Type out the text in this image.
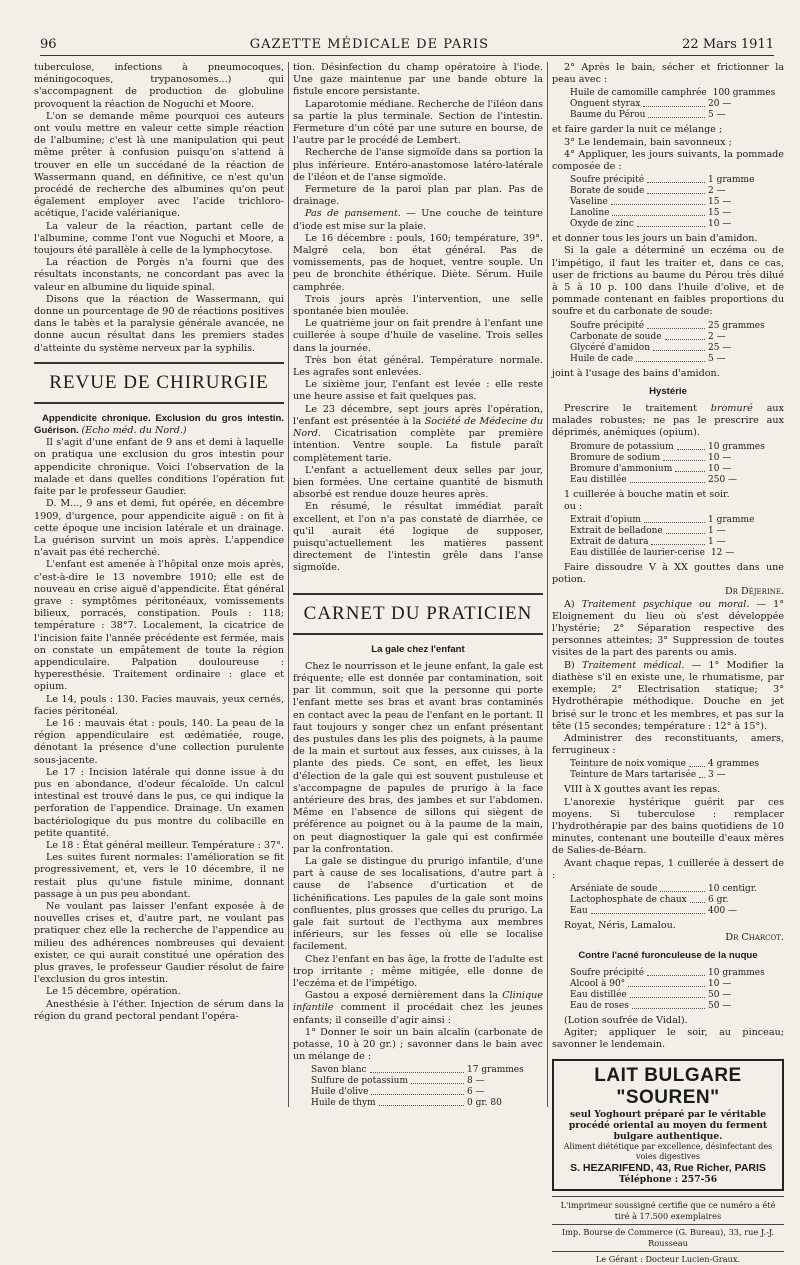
96	GAZETTE MÉDICALE DE PARIS	22 Mars 1911

tuberculose, infections à pneumocoques, méningocoques, trypanosomes...) qui s'accompagnent de production de globuline provoquent la réaction de Noguchi et Moore.

L'on se demande même pourquoi ces auteurs ont voulu mettre en valeur cette simple réaction de l'albumine; c'est là une manipulation qui peut même prêter à confusion puisqu'on s'attend à trouver en elle un succédané de la réaction de Wassermann quand, en définitive, ce n'est qu'un procédé de recherche des albumines qu'on peut également employer avec l'acide trichloro-acétique, l'acide valérianique.

La valeur de la réaction, partant celle de l'albumine, comme l'ont vue Noguchi et Moore, a toujours été parallèle à celle de la lymphocytose.

La réaction de Porgès n'a fourni que des résultats inconstants, ne concordant pas avec la valeur en albumine du liquide spinal.

Disons que la réaction de Wassermann, qui donne un pourcentage de 90 de réactions positives dans le tabès et la paralysie générale avancée, ne donne aucun résultat dans les premiers stades d'atteinte du système nerveux par la syphilis.

REVUE DE CHIRURGIE

Appendicite chronique. Exclusion du gros intestin. Guérison. (Echo méd. du Nord.)

Il s'agit d'une enfant de 9 ans et demi à laquelle on pratiqua une exclusion du gros intestin pour appendicite chronique. Voici l'observation de la malade et dans quelles conditions l'opération fut faite par le professeur Gaudier.

D. M..., 9 ans et demi, fut opérée, en décembre 1909, d'urgence, pour appendicite aiguë : on fit à cette époque une incision latérale et un drainage. La guérison survint un mois après. L'appendice n'avait pas été recherché.

L'enfant est amenée à l'hôpital onze mois après, c'est-à-dire le 13 novembre 1910; elle est de nouveau en crise aiguë d'appendicite. État général grave : symptômes péritonéaux, vomissements bilieux, porracés, constipation. Pouls : 118; température : 38°7. Localement, la cicatrice de l'incision faite l'année précédente est fermée, mais on constate un empâtement de toute la région appendiculaire. Palpation douloureuse : hyperesthésie. Traitement ordinaire : glace et opium.

Le 14, pouls : 130. Facies mauvais, yeux cernés, facies péritonéal.

Le 16 : mauvais état : pouls, 140. La peau de la région appendiculaire est œdématiée, rouge, dénotant la présence d'une collection purulente sous-jacente.

Le 17 : Incision latérale qui donne issue à du pus en abondance, d'odeur fécaloïde. Un calcul intestinal est trouvé dans le pus, ce qui indique la perforation de l'appendice. Drainage. Un examen bactériologique du pus montre du colibacille en petite quantité.

Le 18 : État général meilleur. Température : 37°.

Les suites furent normales: l'amélioration se fit progressivement, et, vers le 10 décembre, il ne restait plus qu'une fistule minime, donnant passage à un pus peu abondant.

Ne voulant pas laisser l'enfant exposée à de nouvelles crises et, d'autre part, ne voulant pas pratiquer chez elle la recherche de l'appendice au milieu des adhérences nombreuses qui devaient exister, ce qui aurait constitué une opération des plus graves, le professeur Gaudier résolut de faire l'exclusion du gros intestin.

Le 15 décembre, opération.

Anesthésie à l'éther. Injection de sérum dans la région du grand pectoral pendant l'opéra-

tion. Désinfection du champ opératoire à l'iode. Une gaze maintenue par une bande obture la fistule encore persistante.

Laparotomie médiane. Recherche de l'iléon dans sa partie la plus terminale. Section de l'intestin. Fermeture d'un côté par une suture en bourse, de l'autre par le procédé de Lembert.

Recherche de l'anse sigmoïde dans sa portion la plus inférieure. Entéro-anastomose latéro-latérale de l'iléon et de l'anse sigmoïde.

Fermeture de la paroi plan par plan. Pas de drainage.

Pas de pansement. — Une couche de teinture d'iode est mise sur la plaie.

Le 16 décembre : pouls, 160; température, 39°. Malgré cela, bon état général. Pas de vomissements, pas de hoquet, ventre souple. Un peu de bronchite éthérique. Diète. Sérum. Huile camphrée.

Trois jours après l'intervention, une selle spontanée bien moulée.

Le quatrième jour on fait prendre à l'enfant une cuillerée à soupe d'huile de vaseline. Trois selles dans la journée.

Très bon état général. Température normale. Les agrafes sont enlevées.

Le sixième jour, l'enfant est levée : elle reste une heure assise et fait quelques pas.

Le 23 décembre, sept jours après l'opération, l'enfant est présentée à la Société de Médecine du Nord. Cicatrisation complète par première intention. Ventre souple. La fistule paraît complètement tarie.

L'enfant a actuellement deux selles par jour, bien formées. Une certaine quantité de bismuth absorbé est rendue douze heures après.

En résumé, le résultat immédiat paraît excellent, et l'on n'a pas constaté de diarrhée, ce qu'il aurait été logique de supposer, puisqu'actuellement les matières passent directement de l'intestin grêle dans l'anse sigmoïde.

CARNET DU PRATICIEN
La gale chez l'enfant

Chez le nourrisson et le jeune enfant, la gale est fréquente; elle est donnée par contamination, soit par lit commun, soit que la personne qui porte l'enfant mette ses bras et avant bras contaminés en contact avec la peau de l'enfant en le portant. Il faut toujours y songer chez un enfant présentant des pustules dans les plis des poignets, à la paume de la main et surtout aux fesses, aux cuisses, à la plante des pieds. Ce sont, en effet, les lieux d'élection de la gale qui est souvent pustuleuse et s'accompagne de papules de prurigo à la face antérieure des bras, des jambes et sur l'abdomen. Même en l'absence de sillons qui siègent de préférence au poignet ou à la paume de la main, on peut diagnostiquer la gale qui est confirmée par la confrontation.

La gale se distingue du prurigo infantile, d'une part à cause de ses localisations, d'autre part à cause de l'absence d'urtication et de lichénifications. Les papules de la gale sont moins confluentes, plus grosses que celles du prurigo. La gale fait surtout de l'ecthyma aux membres inférieurs, sur les fesses où elle se localise facilement.

Chez l'enfant en bas âge, la frotte de l'adulte est trop irritante ; même mitigée, elle donne de l'eczéma et de l'impétigo.

Gastou a exposé dernièrement dans la Clinique infantile comment il procédait chez les jeunes enfants; il conseille d'agir ainsi :

1° Donner le soir un bain alcalin (carbonate de potasse, 10 à 20 gr.) ; savonner dans le bain avec un mélange de :

Savon blanc	17 grammes
Sulfure de potassium	8 —
Huile d'olive	6 —
Huile de thym	0 gr. 80

2° Après le bain, sécher et frictionner la peau avec :

Huile de camomille camphrée 100 grammes
Onguent styrax	20 —
Baume du Pérou	5 —

et faire garder la nuit ce mélange ;

3° Le lendemain, bain savonneux ;

4° Appliquer, les jours suivants, la pommade composée de :

Soufre précipité	1 gramme
Borate de soude	2 —
Vaseline	15 —
Lanoline	15 —
Oxyde de zinc	10 —

et donner tous les jours un bain d'amidon.

Si la gale a déterminé un eczéma ou de l'impétigo, il faut les traiter et, dans ce cas, user de frictions au baume du Pérou très dilué à 5 à 10 p. 100 dans l'huile d'olive, et de pommade contenant en faibles proportions du soufre et du carbonate de soude:

Soufre précipité	25 grammes
Carbonate de soude	2 —
Glycéré d'amidon	25 —
Huile de cade	5 —

joint à l'usage des bains d'amidon.

Hystérie

Prescrire le traitement bromuré aux malades robustes; ne pas le prescrire aux déprimés, anémiques (opium).

Bromure de potassium	10 grammes
Bromure de sodium	10 —
Bromure d'ammonium	10 —
Eau distillée	250 —

1 cuillerée à bouche matin et soir.

ou :

Extrait d'opium	1 gramme
Extrait de belladone	1 —
Extrait de datura	1 —
Eau distillée de laurier-cerise 12 —

Faire dissoudre V à XX gouttes dans une potion.

Dr Déjerine.

A) Traitement psychique ou moral. — 1° Eloignement du lieu où s'est développée l'hystérie; 2° Séparation respective des personnes atteintes; 3° Suppression de toutes visites de la part des parents ou amis.

B) Traitement médical. — 1° Modifier la diathèse s'il en existe une, le rhumatisme, par exemple; 2° Electrisation statique; 3° Hydrothérapie méthodique. Douche en jet brisé sur le tronc et les membres, et pas sur la tête (15 secondes; température : 12° à 15°).

Administrer des reconstituants, amers, ferrugineux :

Teinture de noix vomique 4 grammes
Teinture de Mars tartarisée 3 —

VIII à X gouttes avant les repas.

L'anorexie hystérique guérit par ces moyens. Si tuberculose : remplacer l'hydrothérapie par des bains quotidiens de 10 minutes, contenant une bouteille d'eaux mères de Salies-de-Béarn.

Avant chaque repas, 1 cuillerée à dessert de :

Arséniate de soude	10 centigr.
Lactophosphate de chaux 6 gr.
Eau	400 —

Royat, Néris, Lamalou.

Dr Charcot.
Contre l'acné furonculeuse de la nuque
Soufre précipité	10 grammes
Alcool à 90°	10 —
Eau distillée	50 —
Eau de roses	50 —

(Lotion soufrée de Vidal).

Agiter; appliquer le soir, au pinceau; savonner le lendemain.

LAIT BULGARE "SOUREN"
seul Yoghourt préparé par le véritable procédé oriental au moyen du ferment bulgare authentique.
Aliment diététique par excellence, désinfectant des voies digestives
S. HEZARIFEND, 43, Rue Richer, PARIS
Téléphone : 257-56
L'imprimeur soussigné certifie que ce numéro a été tiré à 17.500 exemplaires
Imp. Bourse de Commerce (G. Bureau), 33, rue J.-J. Rousseau
Le Gérant : Docteur Lucien-Graux.
